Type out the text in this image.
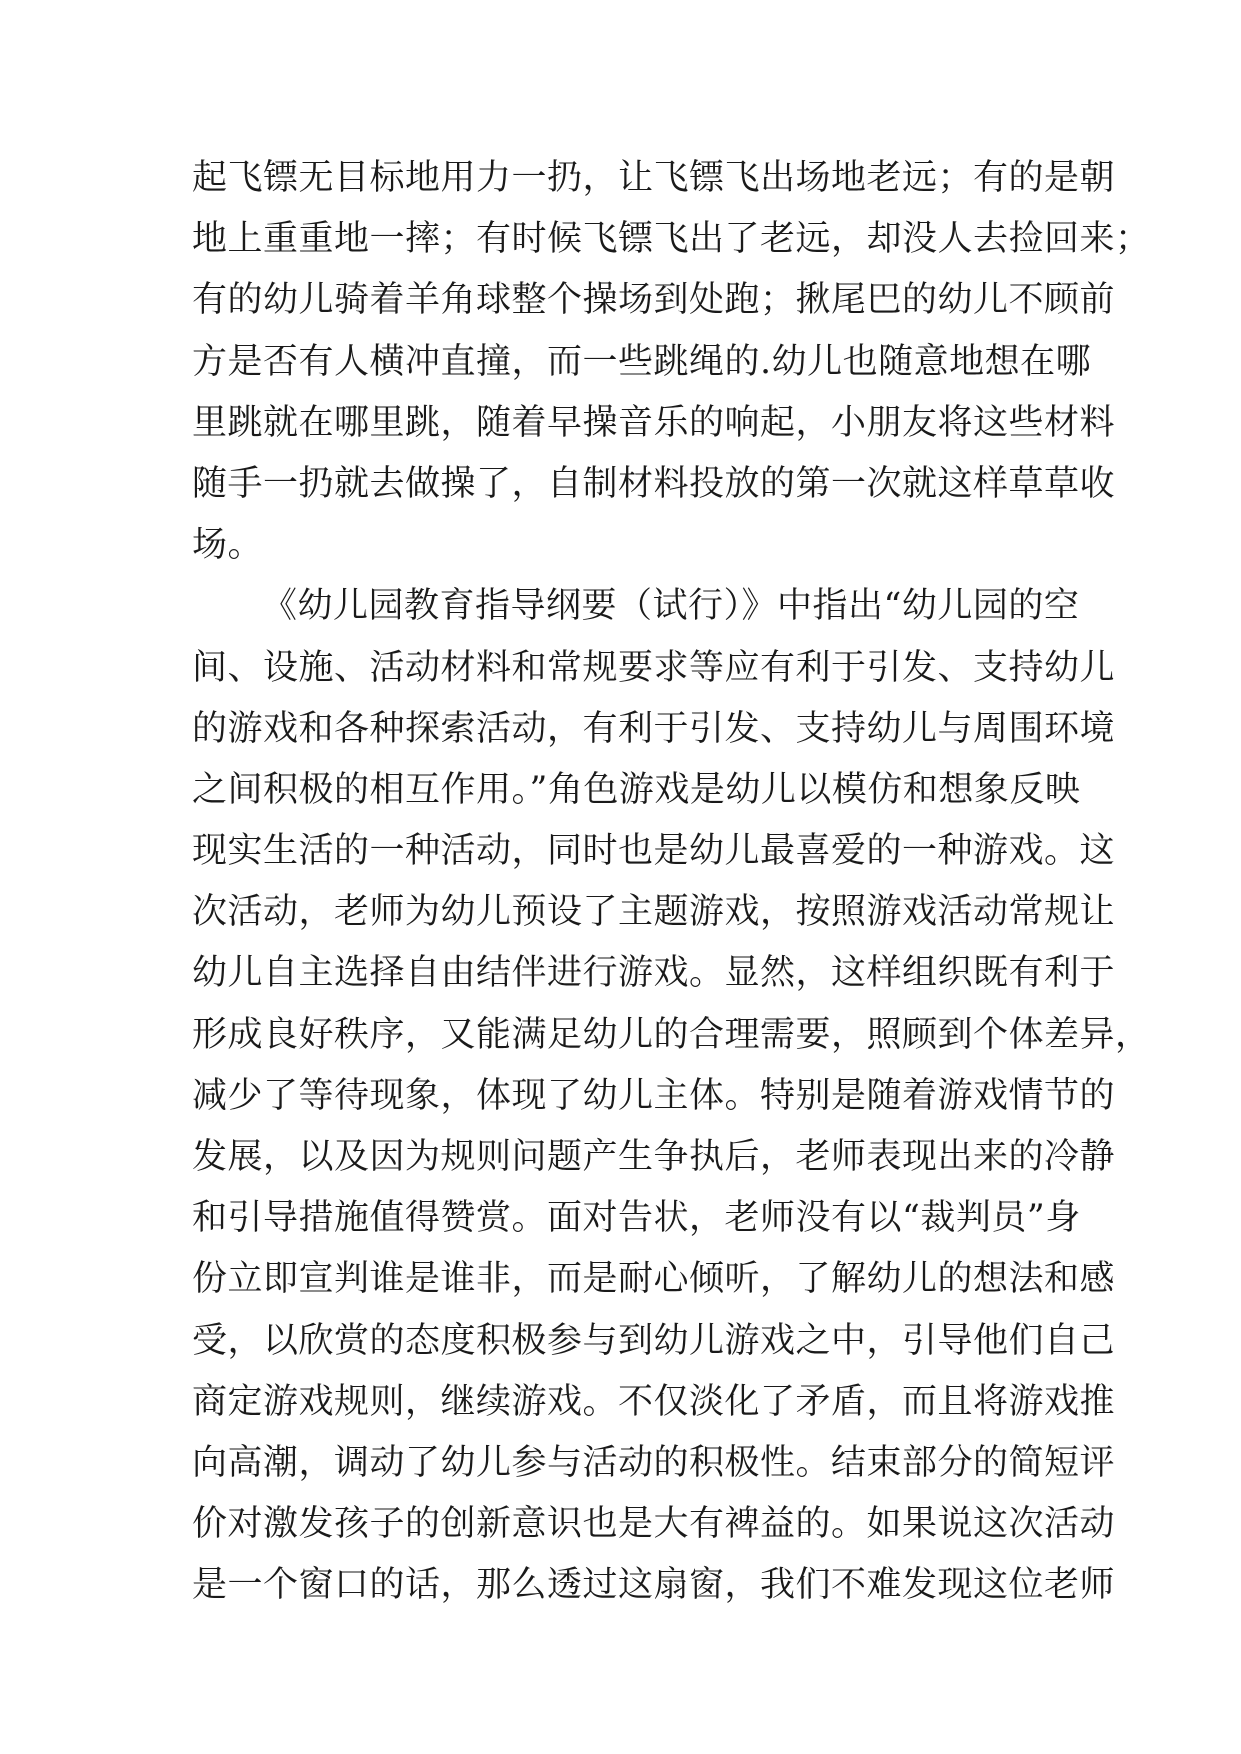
起飞镖无目标地用力一扔，让飞镖飞出场地老远；有的是朝
地上重重地一摔；有时候飞镖飞出了老远，却没人去捡回来；
有的幼儿骑着羊角球整个操场到处跑；揪尾巴的幼儿不顾前
方是否有人横冲直撞，而一些跳绳的.幼儿也随意地想在哪
里跳就在哪里跳，随着早操音乐的响起，小朋友将这些材料
随手一扔就去做操了，自制材料投放的第一次就这样草草收
场。
《幼儿园教育指导纲要（试行）》中指出“幼儿园的空
间、设施、活动材料和常规要求等应有利于引发、支持幼儿
的游戏和各种探索活动，有利于引发、支持幼儿与周围环境
之间积极的相互作用。”角色游戏是幼儿以模仿和想象反映
现实生活的一种活动，同时也是幼儿最喜爱的一种游戏。这
次活动，老师为幼儿预设了主题游戏，按照游戏活动常规让
幼儿自主选择自由结伴进行游戏。显然，这样组织既有利于
形成良好秩序，又能满足幼儿的合理需要，照顾到个体差异，
减少了等待现象，体现了幼儿主体。特别是随着游戏情节的
发展，以及因为规则问题产生争执后，老师表现出来的冷静
和引导措施值得赞赏。面对告状，老师没有以“裁判员”身
份立即宣判谁是谁非，而是耐心倾听，了解幼儿的想法和感
受，以欣赏的态度积极参与到幼儿游戏之中，引导他们自己
商定游戏规则，继续游戏。不仅淡化了矛盾，而且将游戏推
向高潮，调动了幼儿参与活动的积极性。结束部分的简短评
价对激发孩子的创新意识也是大有裨益的。如果说这次活动
是一个窗口的话，那么透过这扇窗，我们不难发现这位老师
